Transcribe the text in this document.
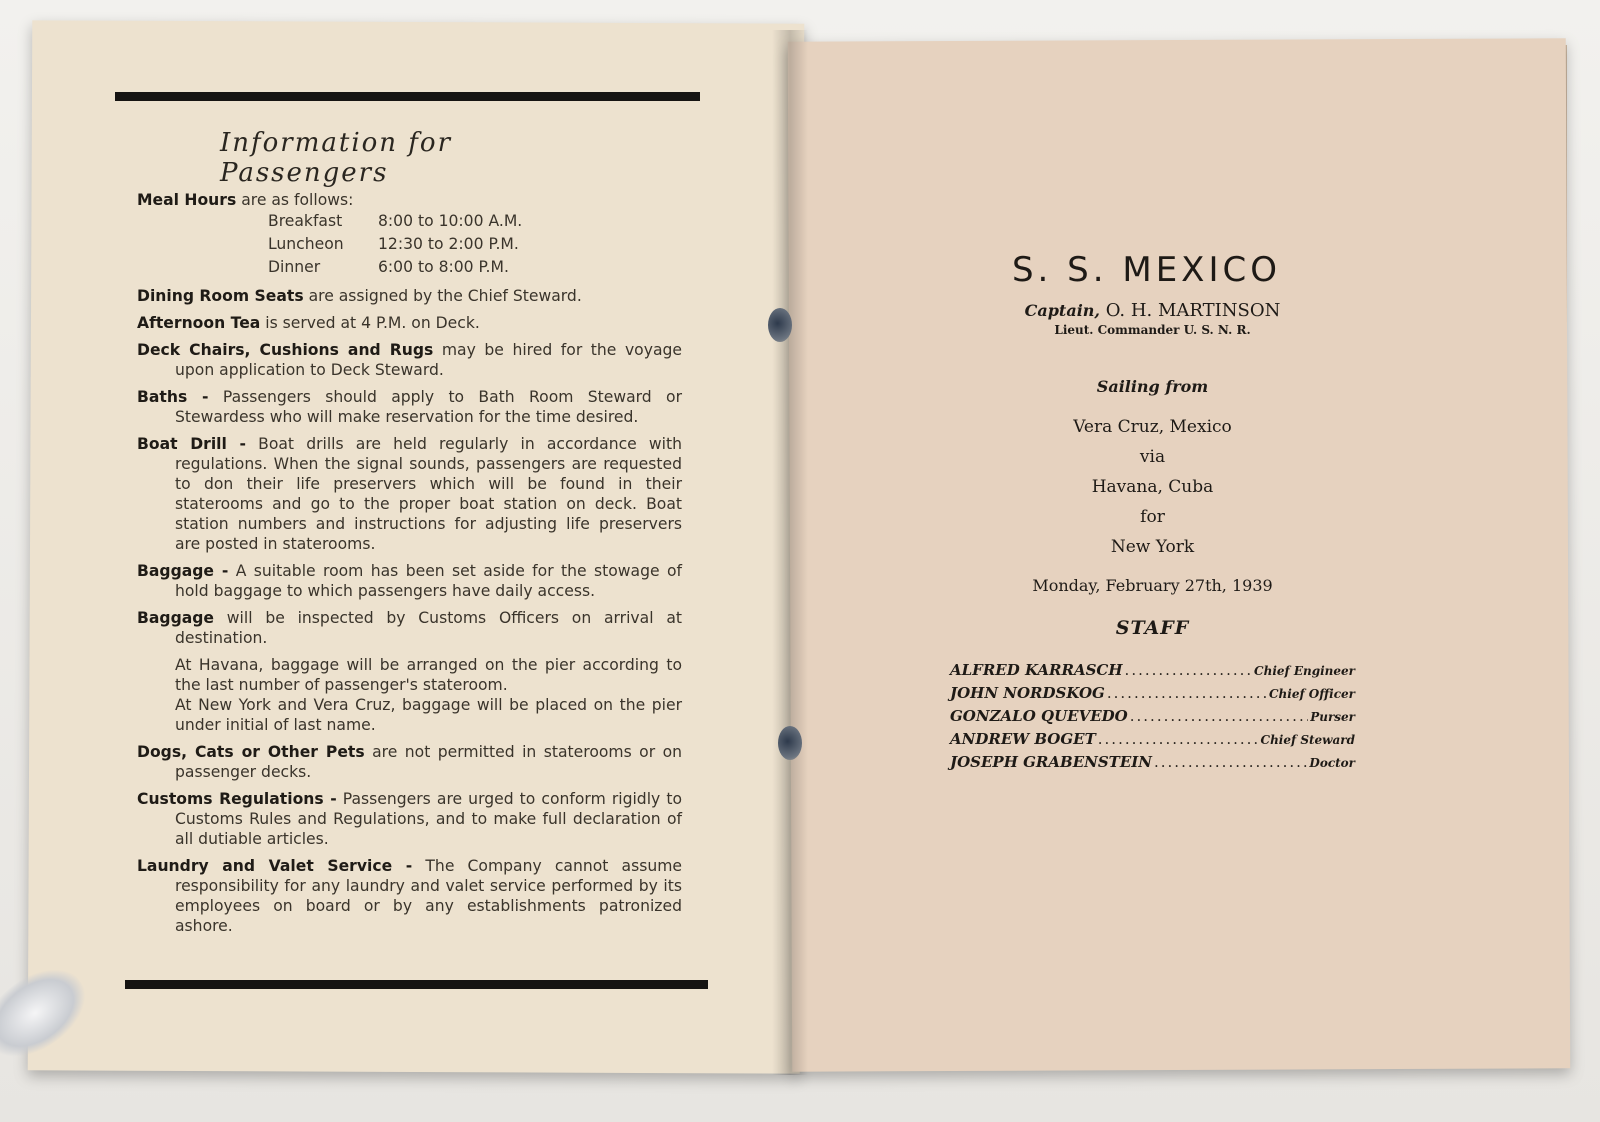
Information for Passengers
Meal Hours are as follows:
Breakfast	8:00 to 10:00 A.M.
Luncheon	12:30 to 2:00 P.M.
Dinner	6:00 to 8:00 P.M.
Dining Room Seats are assigned by the Chief Steward.
Afternoon Tea is served at 4 P.M. on Deck.
Deck Chairs, Cushions and Rugs may be hired for the voyage upon application to Deck Steward.
Baths - Passengers should apply to Bath Room Steward or Stewardess who will make reservation for the time desired.
Boat Drill - Boat drills are held regularly in accordance with regulations. When the signal sounds, passengers are requested to don their life preservers which will be found in their staterooms and go to the proper boat station on deck. Boat station numbers and instructions for adjusting life preservers are posted in staterooms.
Baggage - A suitable room has been set aside for the stowage of hold baggage to which passengers have daily access.
Baggage will be inspected by Customs Officers on arrival at destination.
At Havana, baggage will be arranged on the pier according to the last number of passenger's stateroom.
At New York and Vera Cruz, baggage will be placed on the pier under initial of last name.
Dogs, Cats or Other Pets are not permitted in staterooms or on passenger decks.
Customs Regulations - Passengers are urged to conform rigidly to Customs Rules and Regulations, and to make full declaration of all dutiable articles.
Laundry and Valet Service - The Company cannot assume responsibility for any laundry and valet service performed by its employees on board or by any establishments patronized ashore.
S. S. MEXICO
Captain, O. H. MARTINSON
Lieut. Commander U. S. N. R.
Sailing from
Vera Cruz, Mexico
via
Havana, Cuba
for
New York
Monday, February 27th, 1939
STAFF
ALFRED KARRASCH .....	Chief Engineer
JOHN NORDSKOG .....	Chief Officer
GONZALO QUEVEDO .....	Purser
ANDREW BOGET .....	Chief Steward
JOSEPH GRABENSTEIN .....	Doctor
